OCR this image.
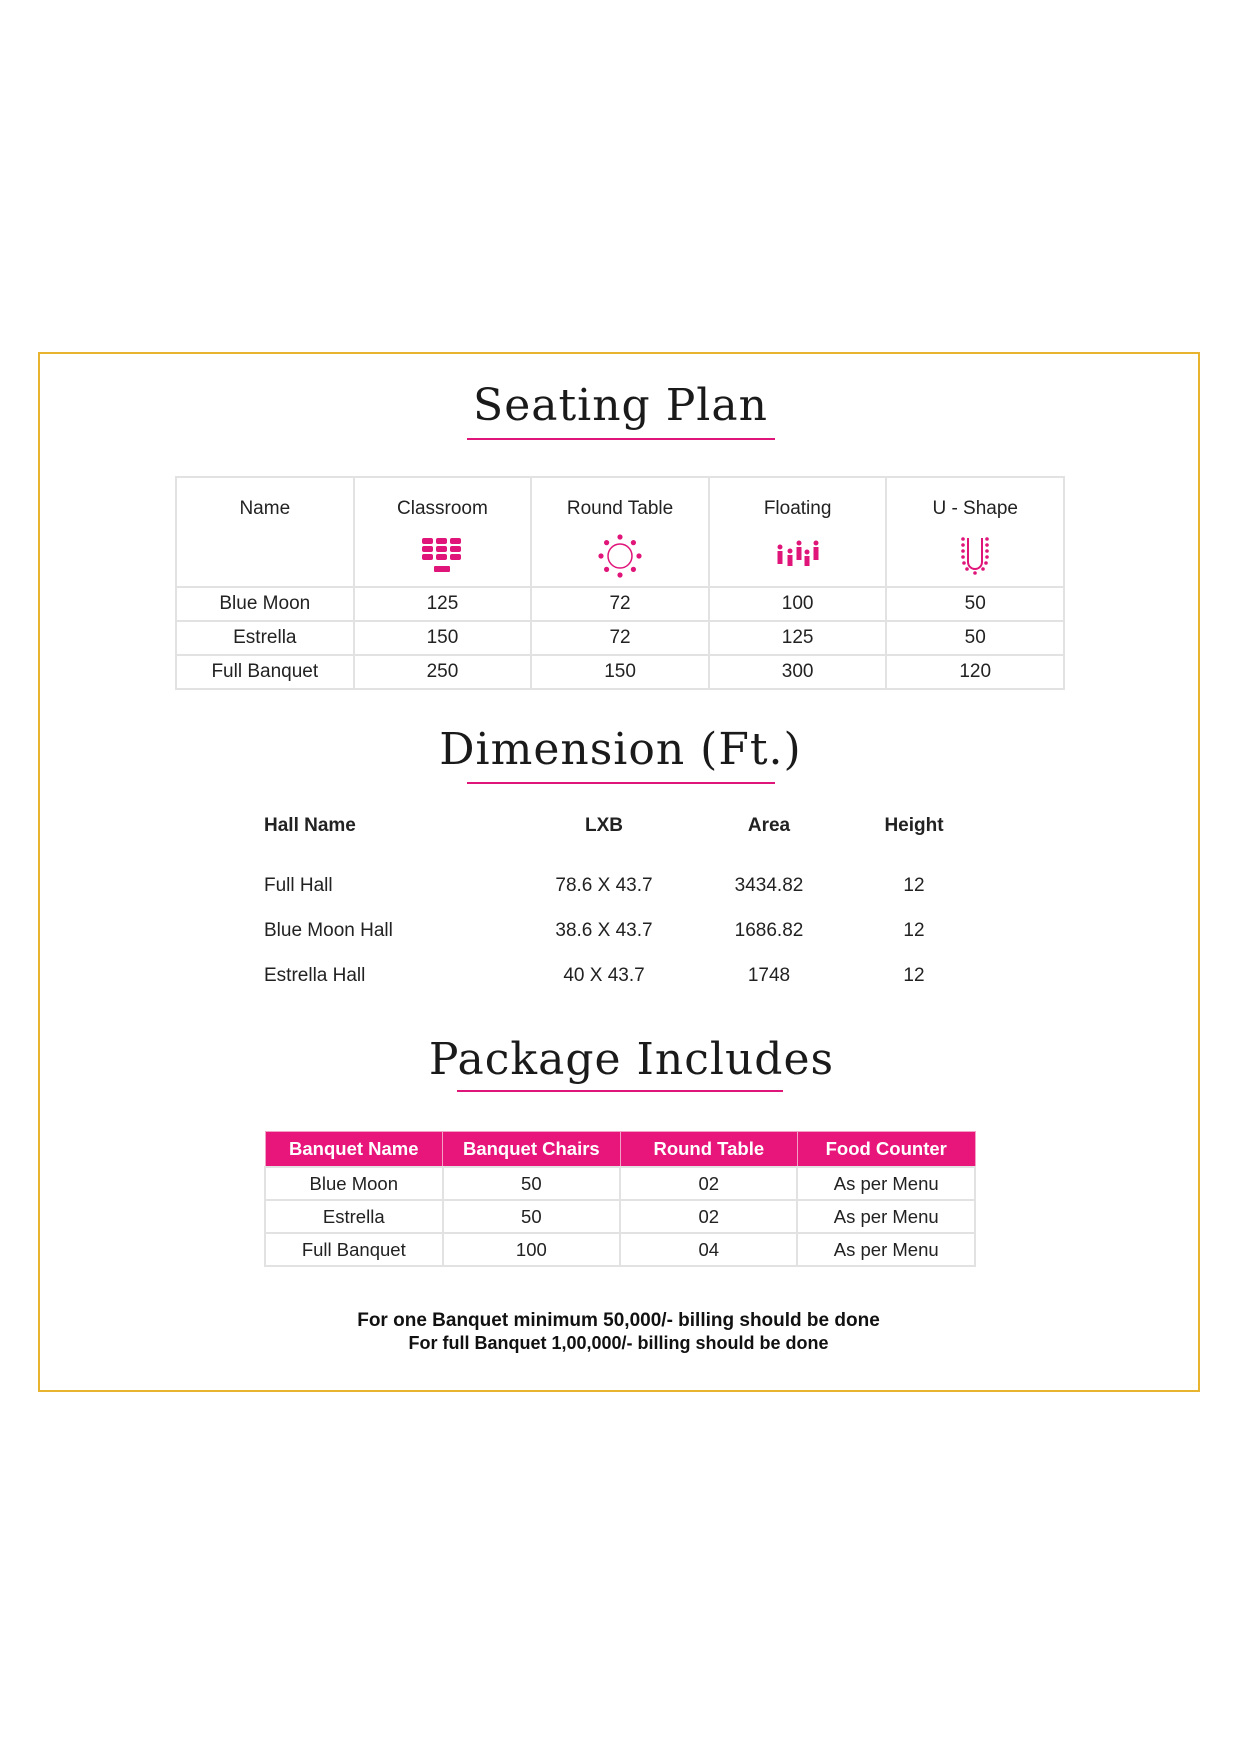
Seating Plan
Name	Classroom	Round Table	Floating	U - Shape

Blue Moon	125	72	100	50
Estrella	150	72	125	50
Full Banquet	250	150	300	120
Dimension (Ft.)
Hall Name	LXB	Area	Height

Full Hall	78.6 X 43.7	3434.82	12
Blue Moon Hall	38.6 X 43.7	1686.82	12
Estrella Hall	40 X 43.7	1748	12
Package Includes
Banquet Name	Banquet Chairs	Round Table	Food Counter
Blue Moon	50	02	As per Menu
Estrella	50	02	As per Menu
Full Banquet	100	04	As per Menu
For one Banquet minimum 50,000/- billing should be done
For full Banquet 1,00,000/- billing should be done
